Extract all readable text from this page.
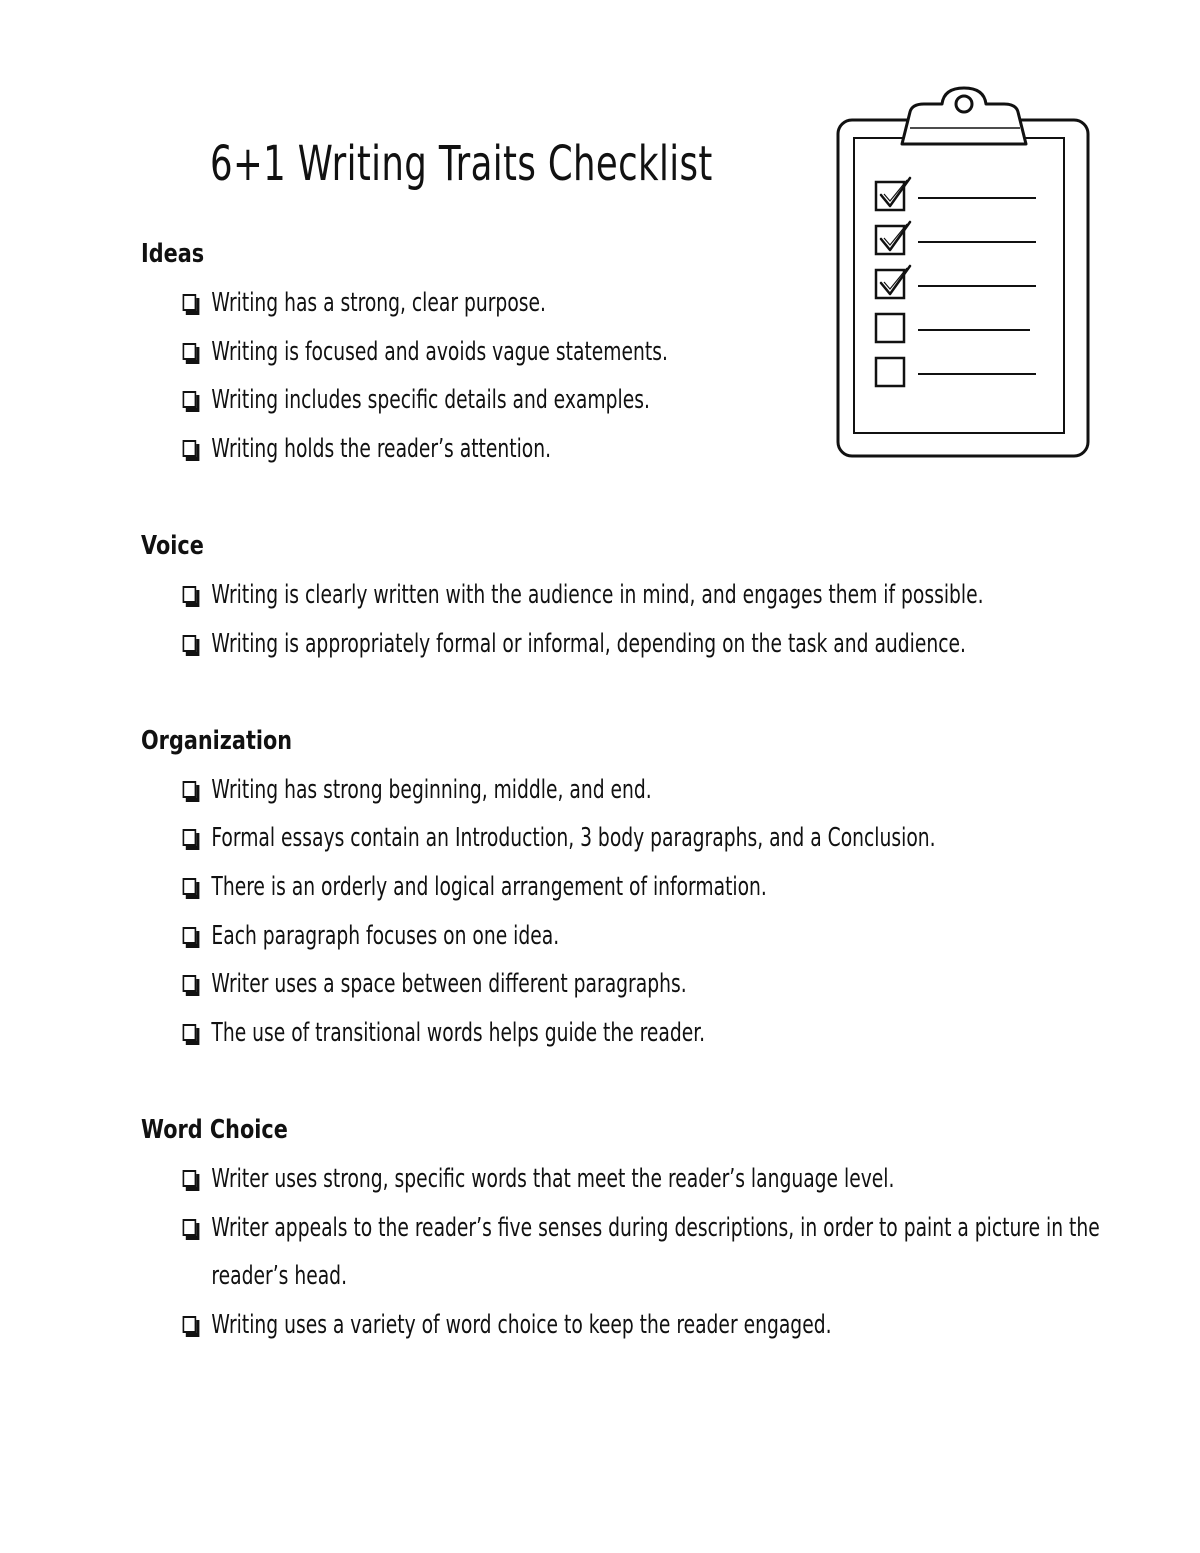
6+1 Writing Traits Checklist
Ideas
Writing has a strong, clear purpose.
Writing is focused and avoids vague statements.
Writing includes specific details and examples.
Writing holds the reader’s attention.
Voice
Writing is clearly written with the audience in mind, and engages them if possible.
Writing is appropriately formal or informal, depending on the task and audience.
Organization
Writing has strong beginning, middle, and end.
Formal essays contain an Introduction, 3 body paragraphs, and a Conclusion.
There is an orderly and logical arrangement of information.
Each paragraph focuses on one idea.
Writer uses a space between different paragraphs.
The use of transitional words helps guide the reader.
Word Choice
Writer uses strong, specific words that meet the reader’s language level.
Writer appeals to the reader’s five senses during descriptions, in order to paint a picture in the reader’s head.
Writing uses a variety of word choice to keep the reader engaged.
